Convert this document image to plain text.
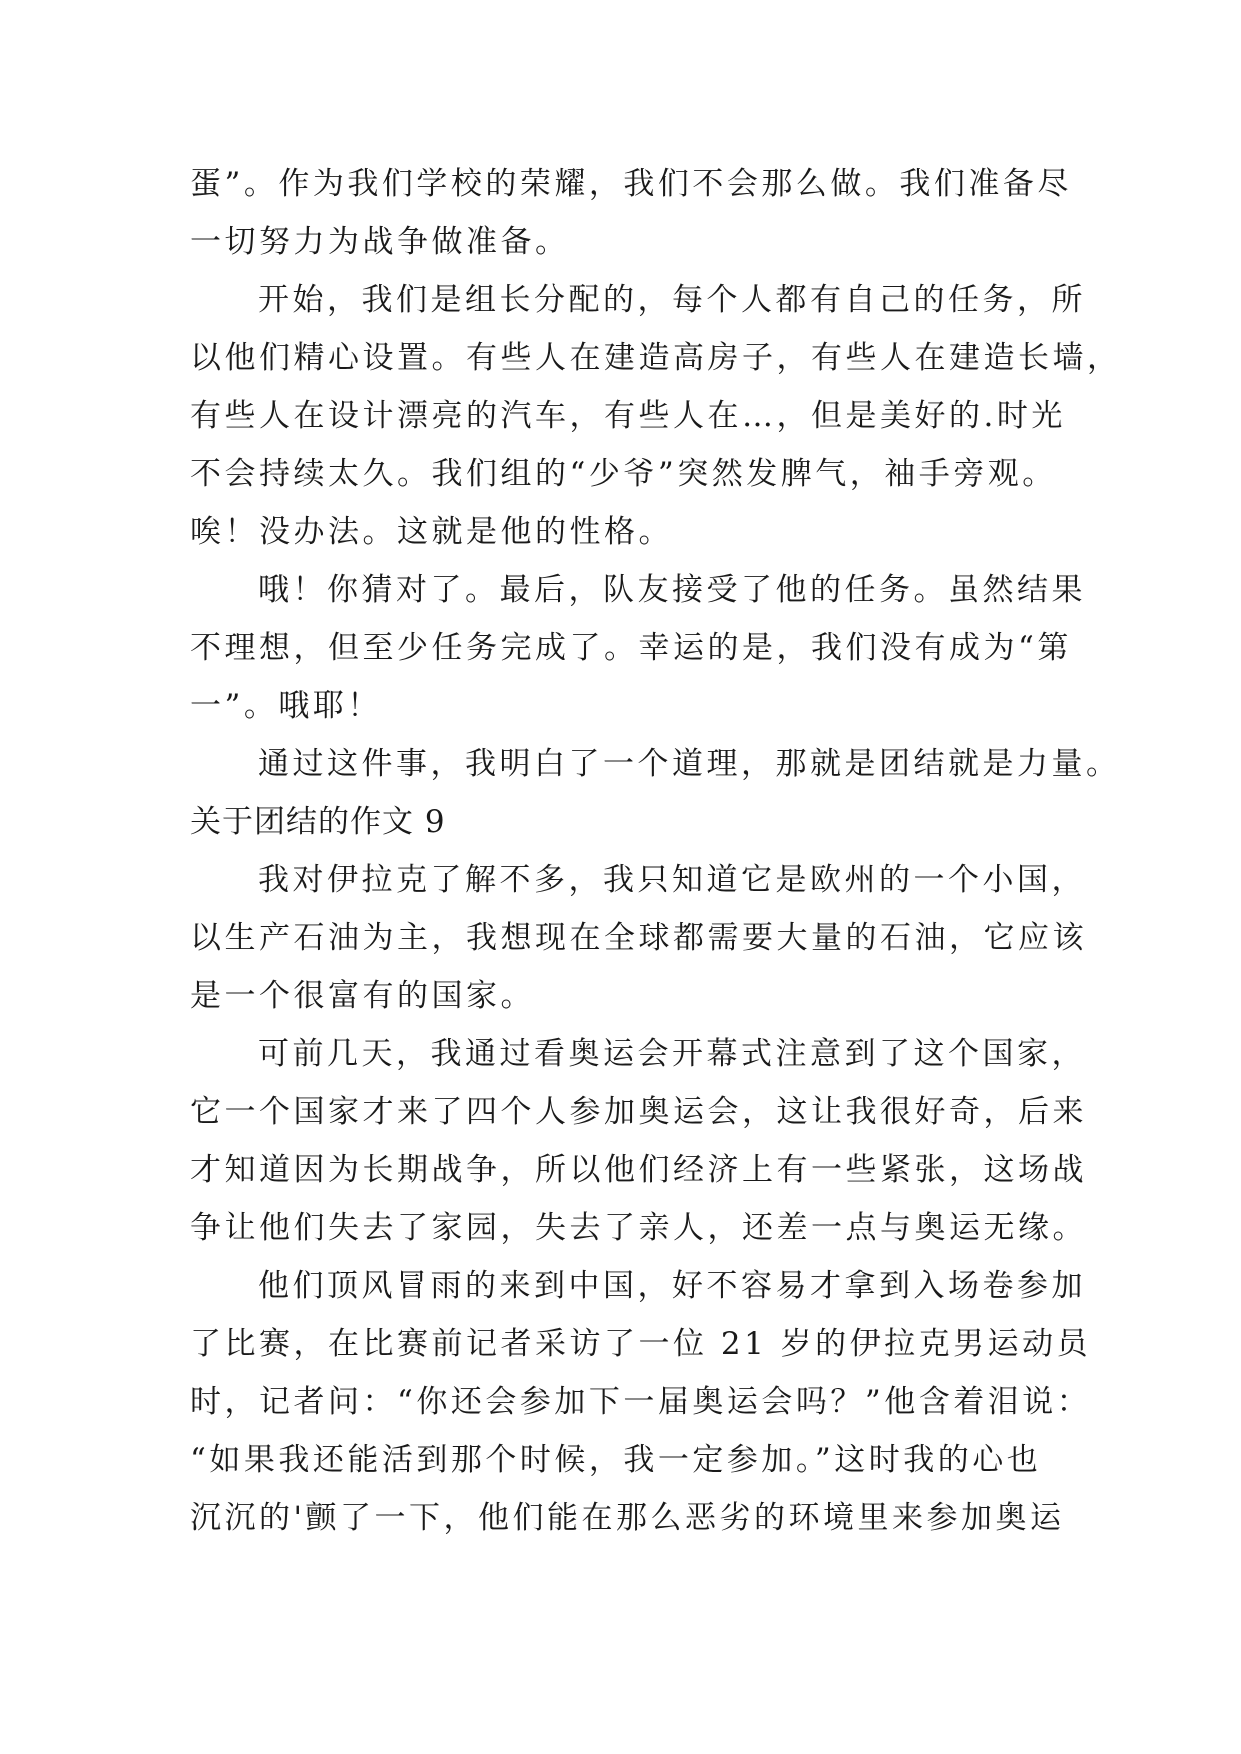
蛋”。作为我们学校的荣耀，我们不会那么做。我们准备尽
一切努力为战争做准备。
开始，我们是组长分配的，每个人都有自己的任务，所
以他们精心设置。有些人在建造高房子，有些人在建造长墙，
有些人在设计漂亮的汽车，有些人在…，但是美好的.时光
不会持续太久。我们组的“少爷”突然发脾气，袖手旁观。
唉！没办法。这就是他的性格。
哦！你猜对了。最后，队友接受了他的任务。虽然结果
不理想，但至少任务完成了。幸运的是，我们没有成为“第
一”。哦耶！
通过这件事，我明白了一个道理，那就是团结就是力量。
关于团结的作文 9
我对伊拉克了解不多，我只知道它是欧州的一个小国，
以生产石油为主，我想现在全球都需要大量的石油，它应该
是一个很富有的国家。
可前几天，我通过看奥运会开幕式注意到了这个国家，
它一个国家才来了四个人参加奥运会，这让我很好奇，后来
才知道因为长期战争，所以他们经济上有一些紧张，这场战
争让他们失去了家园，失去了亲人，还差一点与奥运无缘。
他们顶风冒雨的来到中国，好不容易才拿到入场卷参加
了比赛，在比赛前记者采访了一位 21 岁的伊拉克男运动员
时，记者问：“你还会参加下一届奥运会吗？”他含着泪说：
“如果我还能活到那个时候，我一定参加。”这时我的心也
沉沉的'颤了一下，他们能在那么恶劣的环境里来参加奥运
